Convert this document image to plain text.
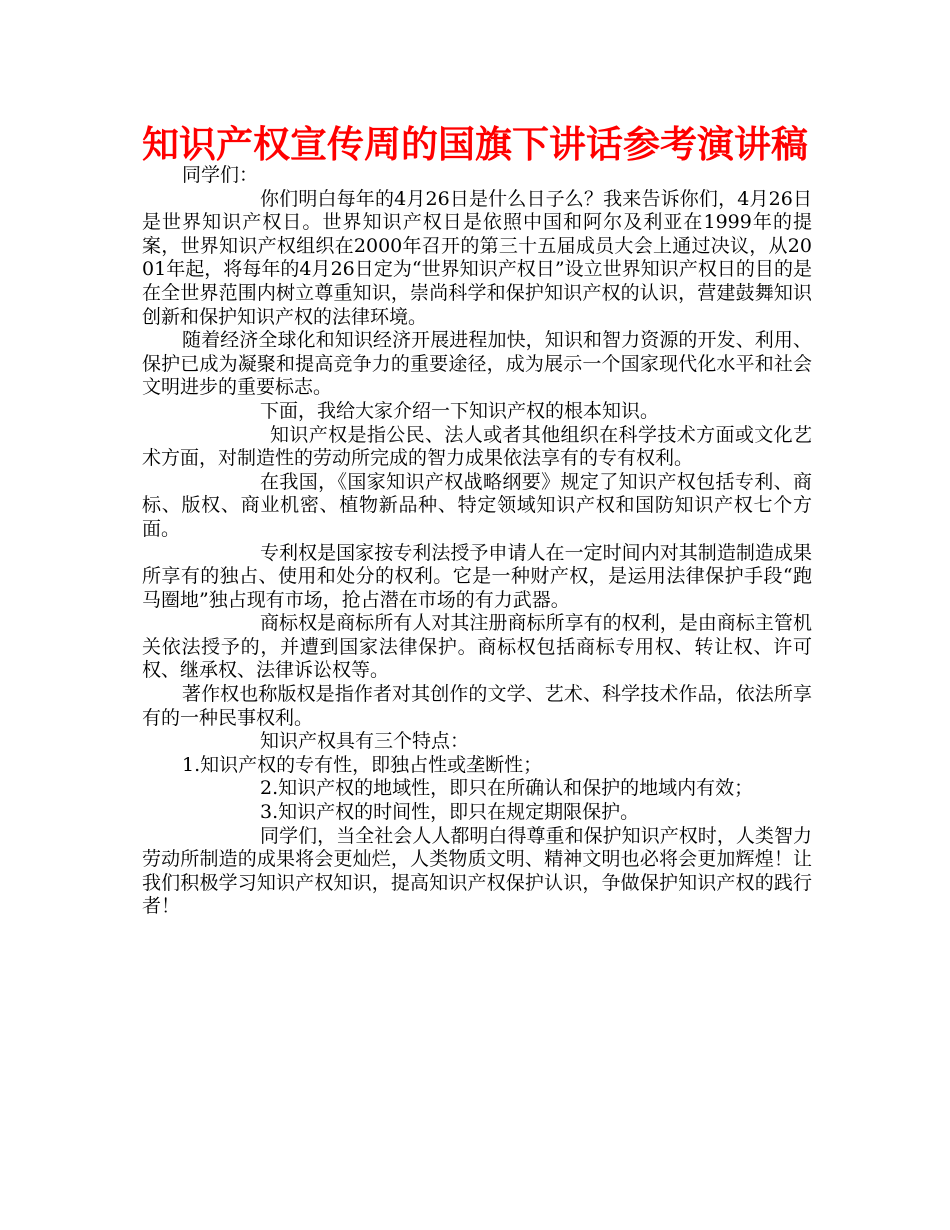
知识产权宣传周的国旗下讲话参考演讲稿

同学们：

你们明白每年的4月26日是什么日子么？我来告诉你们，4月26日是世界知识产权日。世界知识产权日是依照中国和阿尔及利亚在1999年的提案，世界知识产权组织在2000年召开的第三十五届成员大会上通过决议，从2001年起，将每年的4月26日定为“世界知识产权日”设立世界知识产权日的目的是在全世界范围内树立尊重知识，崇尚科学和保护知识产权的认识，营建鼓舞知识创新和保护知识产权的法律环境。

随着经济全球化和知识经济开展进程加快，知识和智力资源的开发、利用、保护已成为凝聚和提高竞争力的重要途径，成为展示一个国家现代化水平和社会文明进步的重要标志。

下面，我给大家介绍一下知识产权的根本知识。

知识产权是指公民、法人或者其他组织在科学技术方面或文化艺术方面，对制造性的劳动所完成的智力成果依法享有的专有权利。

在我国，《国家知识产权战略纲要》规定了知识产权包括专利、商标、版权、商业机密、植物新品种、特定领域知识产权和国防知识产权七个方面。

专利权是国家按专利法授予申请人在一定时间内对其制造制造成果所享有的独占、使用和处分的权利。它是一种财产权，是运用法律保护手段“跑马圈地”独占现有市场，抢占潜在市场的有力武器。

商标权是商标所有人对其注册商标所享有的权利，是由商标主管机关依法授予的，并遭到国家法律保护。商标权包括商标专用权、转让权、许可权、继承权、法律诉讼权等。

著作权也称版权是指作者对其创作的文学、艺术、科学技术作品，依法所享有的一种民事权利。

知识产权具有三个特点：

1.知识产权的专有性，即独占性或垄断性；

2.知识产权的地域性，即只在所确认和保护的地域内有效；

3.知识产权的时间性，即只在规定期限保护。

同学们，当全社会人人都明白得尊重和保护知识产权时，人类智力劳动所制造的成果将会更灿烂，人类物质文明、精神文明也必将会更加辉煌！让我们积极学习知识产权知识，提高知识产权保护认识，争做保护知识产权的践行者！
